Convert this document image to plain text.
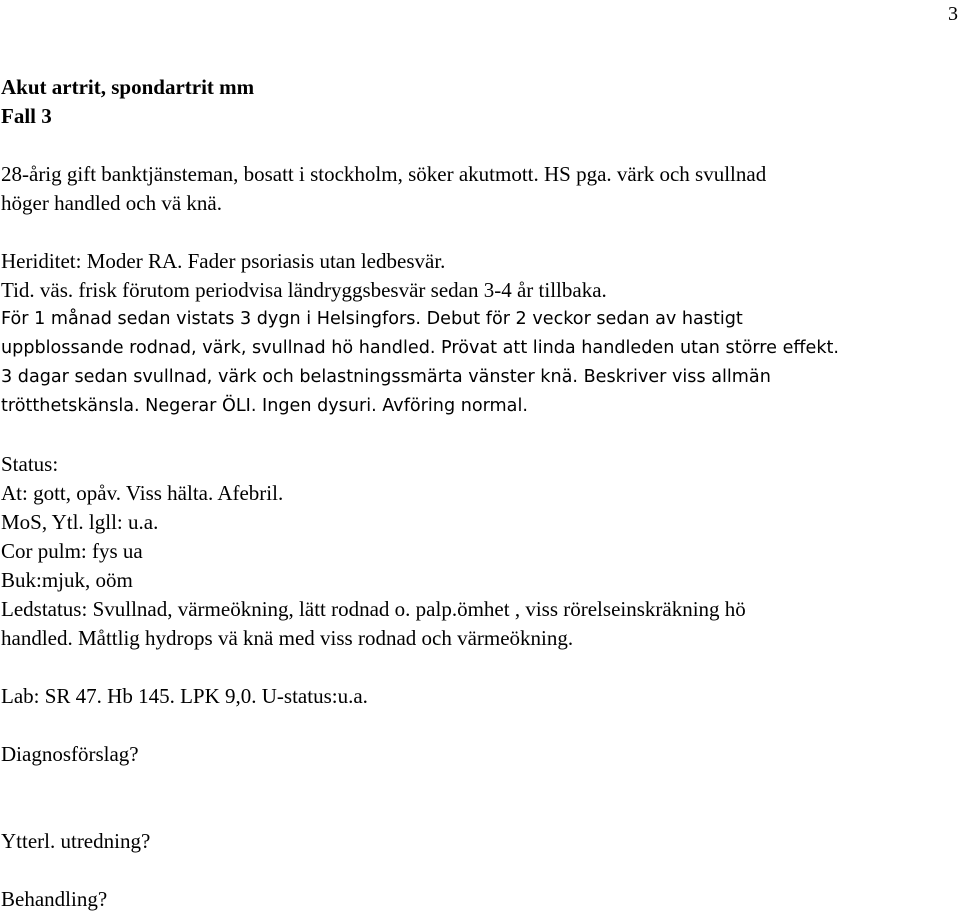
3
Akut artrit, spondartrit mm
Fall 3
28-årig gift banktjänsteman, bosatt i stockholm, söker akutmott. HS pga. värk och svullnad
höger handled och vä knä.
Heriditet: Moder RA. Fader psoriasis utan ledbesvär.
Tid. väs. frisk förutom periodvisa ländryggsbesvär sedan 3-4 år tillbaka.
För 1 månad sedan vistats 3 dygn i Helsingfors. Debut för 2 veckor sedan av hastigt
uppblossande rodnad, värk, svullnad hö handled. Prövat att linda handleden utan större effekt.
3 dagar sedan svullnad, värk och belastningssmärta vänster knä. Beskriver viss allmän
trötthetskänsla. Negerar ÖLI. Ingen dysuri. Avföring normal.
Status:
At: gott, opåv. Viss hälta. Afebril.
MoS, Ytl. lgll: u.a.
Cor pulm: fys ua
Buk:mjuk, oöm
Ledstatus: Svullnad, värmeökning, lätt rodnad o. palp.ömhet , viss rörelseinskräkning hö
handled. Måttlig hydrops vä knä med viss rodnad och värmeökning.
Lab: SR 47. Hb 145. LPK 9,0. U-status:u.a.
Diagnosförslag?
Ytterl. utredning?
Behandling?
